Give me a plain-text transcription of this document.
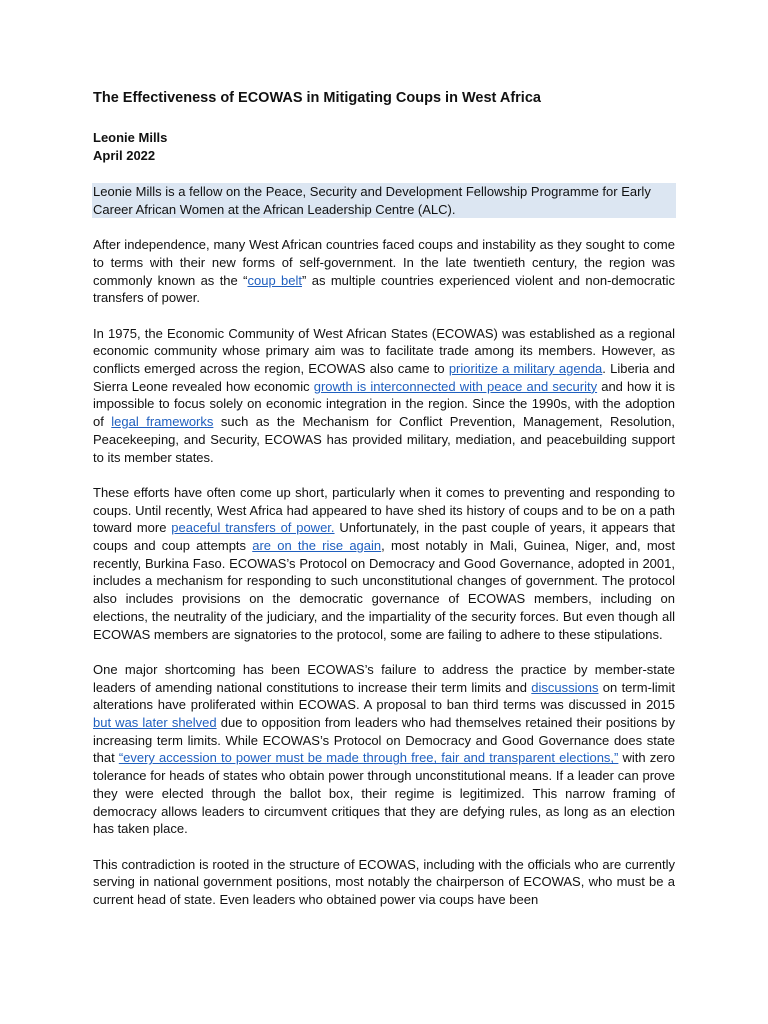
The Effectiveness of ECOWAS in Mitigating Coups in West Africa
Leonie Mills
April 2022
Leonie Mills is a fellow on the Peace, Security and Development Fellowship Programme for Early Career African Women at the African Leadership Centre (ALC).

After independence, many West African countries faced coups and instability as they sought to come to terms with their new forms of self-government. In the late twentieth century, the region was commonly known as the “coup belt” as multiple countries experienced violent and non-democratic transfers of power.

In 1975, the Economic Community of West African States (ECOWAS) was established as a regional economic community whose primary aim was to facilitate trade among its members. However, as conflicts emerged across the region, ECOWAS also came to prioritize a military agenda. Liberia and Sierra Leone revealed how economic growth is interconnected with peace and security and how it is impossible to focus solely on economic integration in the region. Since the 1990s, with the adoption of legal frameworks such as the Mechanism for Conflict Prevention, Management, Resolution, Peacekeeping, and Security, ECOWAS has provided military, mediation, and peacebuilding support to its member states.

These efforts have often come up short, particularly when it comes to preventing and responding to coups. Until recently, West Africa had appeared to have shed its history of coups and to be on a path toward more peaceful transfers of power. Unfortunately, in the past couple of years, it appears that coups and coup attempts are on the rise again, most notably in Mali, Guinea, Niger, and, most recently, Burkina Faso. ECOWAS’s Protocol on Democracy and Good Governance, adopted in 2001, includes a mechanism for responding to such unconstitutional changes of government. The protocol also includes provisions on the democratic governance of ECOWAS members, including on elections, the neutrality of the judiciary, and the impartiality of the security forces. But even though all ECOWAS members are signatories to the protocol, some are failing to adhere to these stipulations.

One major shortcoming has been ECOWAS’s failure to address the practice by member-state leaders of amending national constitutions to increase their term limits and discussions on term-limit alterations have proliferated within ECOWAS. A proposal to ban third terms was discussed in 2015 but was later shelved due to opposition from leaders who had themselves retained their positions by increasing term limits. While ECOWAS’s Protocol on Democracy and Good Governance does state that “every accession to power must be made through free, fair and transparent elections,” with zero tolerance for heads of states who obtain power through unconstitutional means. If a leader can prove they were elected through the ballot box, their regime is legitimized. This narrow framing of democracy allows leaders to circumvent critiques that they are defying rules, as long as an election has taken place.

This contradiction is rooted in the structure of ECOWAS, including with the officials who are currently serving in national government positions, most notably the chairperson of ECOWAS, who must be a current head of state. Even leaders who obtained power via coups have been
